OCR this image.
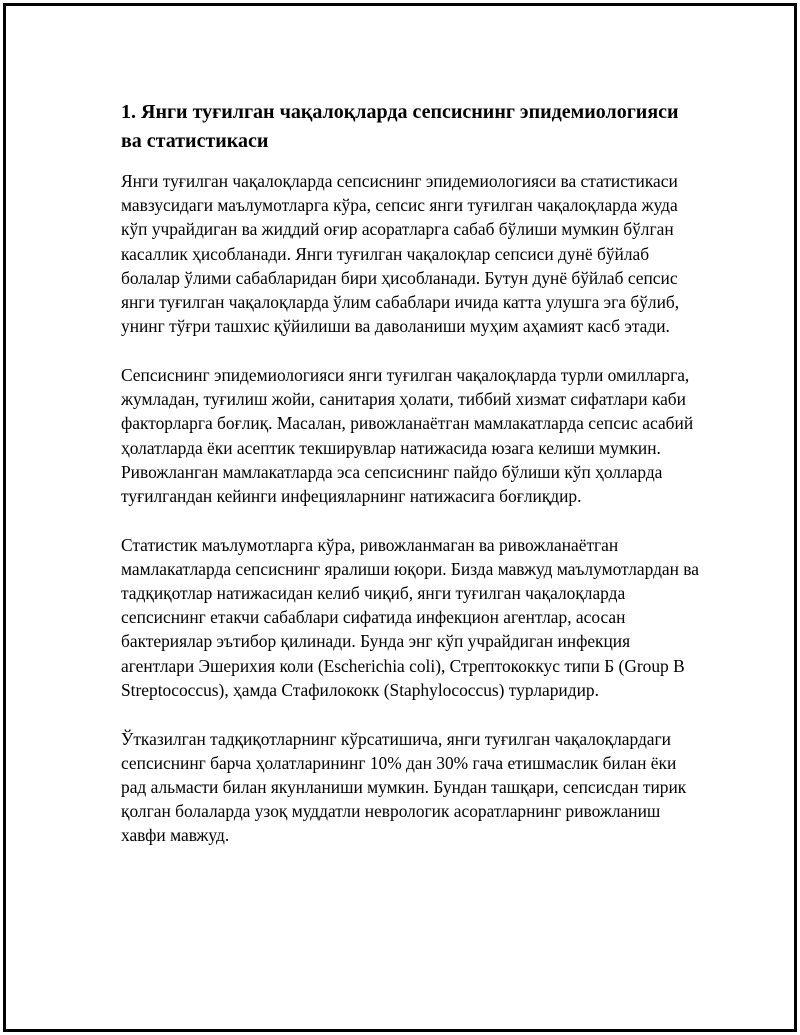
1. Янги туғилган чақалоқларда сепсиснинг эпидемиологияси ва статистикаси

Янги туғилган чақалоқларда сепсиснинг эпидемиологияси ва статистикаси мавзусидаги маълумотларга кўра, сепсис янги туғилган чақалоқларда жуда кўп учрайдиган ва жиддий оғир асоратларга сабаб бўлиши мумкин бўлган касаллик ҳисобланади. Янги туғилган чақалоқлар сепсиси дунё бўйлаб болалар ўлими сабабларидан бири ҳисобланади. Бутун дунё бўйлаб сепсис янги туғилган чақалоқларда ўлим сабаблари ичида катта улушга эга бўлиб, унинг тўғри ташхис қўйилиши ва даволаниши муҳим аҳамият касб этади.

Сепсиснинг эпидемиологияси янги туғилган чақалоқларда турли омилларга, жумладан, туғилиш жойи, санитария ҳолати, тиббий хизмат сифатлари каби факторларга боғлиқ. Масалан, ривожланаётган мамлакатларда сепсис асабий ҳолатларда ёки асептик текширувлар натижасида юзага келиши мумкин. Ривожланган мамлакатларда эса сепсиснинг пайдо бўлиши кўп ҳолларда туғилгандан кейинги инфецияларнинг натижасига боғлиқдир.

Статистик маълумотларга кўра, ривожланмаган ва ривожланаётган мамлакатларда сепсиснинг яралиши юқори. Бизда мавжуд маълумотлардан ва тадқиқотлар натижасидан келиб чиқиб, янги туғилган чақалоқларда сепсиснинг етакчи сабаблари сифатида инфекцион агентлар, асосан бактериялар эътибор қилинади. Бунда энг кўп учрайдиган инфекция агентлари Эшерихия коли (Escherichia coli), Стрептококкус типи Б (Group B Streptococcus), ҳамда Стафилококк (Staphylococcus) турларидир.

Ўтказилган тадқиқотларнинг кўрсатишича, янги туғилган чақалоқлардаги сепсиснинг барча ҳолатларининг 10% дан 30% гача етишмаслик билан ёки рад альмасти билан якунланиши мумкин. Бундан ташқари, сепсисдан тирик қолган болаларда узоқ муддатли неврологик асоратларнинг ривожланиш хавфи мавжуд.
